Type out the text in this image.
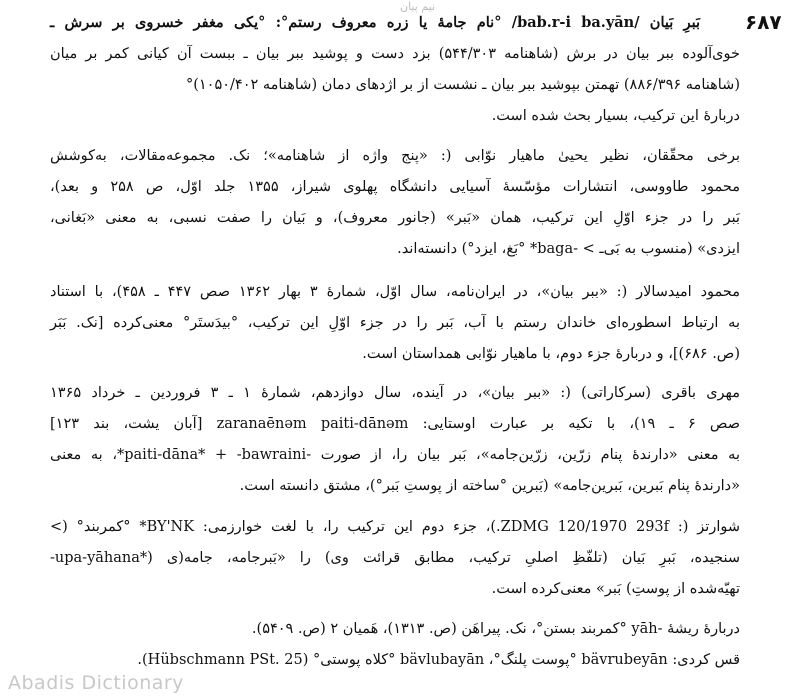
نیم پیان
۶۸۷
بَبرِ بَیان /bab.r-i ba.yān/ °نام جامهٔ یا زره معروف رستم°: °یکی مغفر خسروی بر سرش ـ
خوی‌آلوده ببر بیان در برش (شاهنامه ۵۴۴/۳۰۳) بزد دست و پوشید ببر بیان ـ ببست آن کیانی کمر بر میان
(شاهنامه ۸۸۶/۳۹۶) تهمتن بپوشید ببر بیان ـ نشست از بر اژدهای دمان (شاهنامه ۱۰۵۰/۴۰۲)°
دربارهٔ این ترکیب، بسیار بحث شده است.
برخی محقّقان، نظیر یحییٰ ماهیار نوّابی (: «پنج واژه از شاهنامه»؛ نک. مجموعه‌مقالات، به‌کوشش
محمود طاووسی، انتشارات مؤسّسهٔ آسیایی دانشگاه پهلوی شیراز، ۱۳۵۵ جلد اوّل، ص ۲۵۸ و بعد)،
بَبر را در جزء اوّلِ این ترکیب، همان «بَبر» (جانور معروف)، و بَیان را صفت نسبی، به معنی «بَغانی،
ایزدی» (منسوب به بَی‌ـ > ‑baga* °بَغ، ایزد°) دانسته‌اند.
محمود امیدسالار (: «ببر بیان»، در ایران‌نامه، سال اوّل، شمارهٔ ۳ بهار ۱۳۶۲ صص ۴۴۷ ـ ۴۵۸)، با استناد
به ارتباط اسطوره‌ای خاندان رستم با آب، بَبر را در جزء اوّلِ این ترکیب، °بیدَستَر° معنی‌کرده [نک. بَبَر
(ص. ۶۸۶)]، و دربارهٔ جزء دوم، با ماهیار نوّابی همداستان است.
مهری باقری (سرکاراتی) (: «ببر بیان»، در آینده، سال دوازدهم، شمارهٔ ۱ ـ ۳ فروردین ـ خرداد ۱۳۶۵
صص ۶ ـ ۱۹)، با تکیه بر عبارت اوستایی: zaranaēnəm paiti-dānəm [آبان یشت، بند ۱۲۳]
به معنی «دارندهٔ پنام زرّین، زرّین‌جامه»، بَبر بیان را، از صورت ‑paiti-dāna* + ‑bawraini*، به معنی
«دارندهٔ پنام بَبرین، بَبرین‌جامه» (بَبرین °ساخته از پوستِ بَبر°)، مشتق دانسته است.
شوارتز (: ZDMG 120/1970 293f.)، جزء دوم این ترکیب را، با لغت خوارزمی: BY'NK* °کمربند° (>
‑upa-yāhana*) سنجیده، بَبرِ بَیان (تلفّظِ اصلیِ ترکیب، مطابق قرائت وی) را «بَبرجامه، جامه(ی
تهیّه‌شده از پوستِ) بَبر» معنی‌کرده است.
دربارهٔ ریشهٔ ‑yāh °کمربند بستن°، نک. پیراهَن (ص. ۱۳۱۳)، هَمیان ۲ (ص. ۵۴۰۹).
قس کردی: bävrubeyān °پوست پلنگ°، bävlubayān °کلاه پوستی° (Hübschmann PSt. 25).
Abadis Dictionary
